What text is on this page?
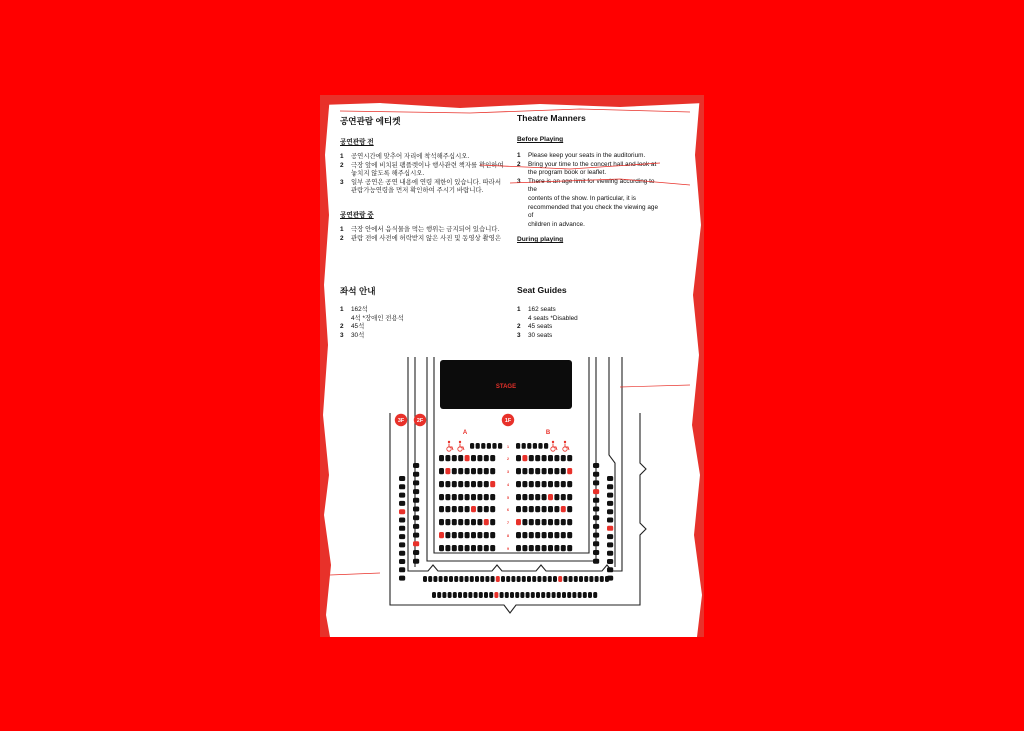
공연관람 에티켓
공연관람 전
1 공연시간에 맞추어 자리에 착석해주십시오.
2 극장 앞에 비치된 팸플렛이나 행사관련 책자를 확인하여
놓치지 않도록 해주십시오.
3 일부 공연은 공연 내용에 연령 제한이 있습니다. 따라서
관람가능연령을 먼저 확인하여 주시기 바랍니다.
공연관람 중
1 극장 안에서 음식물을 먹는 행위는 금지되어 있습니다.
2 관람 전에 사전에 허락받지 않은 사진 및 동영상 촬영은
좌석 안내
1 162석
4석 *장애인 전용석
2 45석
3 30석
Theatre Manners
Before Playing
1 Please keep your seats in the auditorium.
2 Bring your time to the concert hall and look at
the program book or leaflet.
3 There is an age limit for viewing according to
the
contents of the show. In particular, it is
recommended that you check the viewing age
of
children in advance.
During playing
Seat Guides
1 162 seats
4 seats *Disabled
2 45 seats
3 30 seats
STAGE
3F 2F	1F
A	B
1
2
3
4
5
6
7
8
9
